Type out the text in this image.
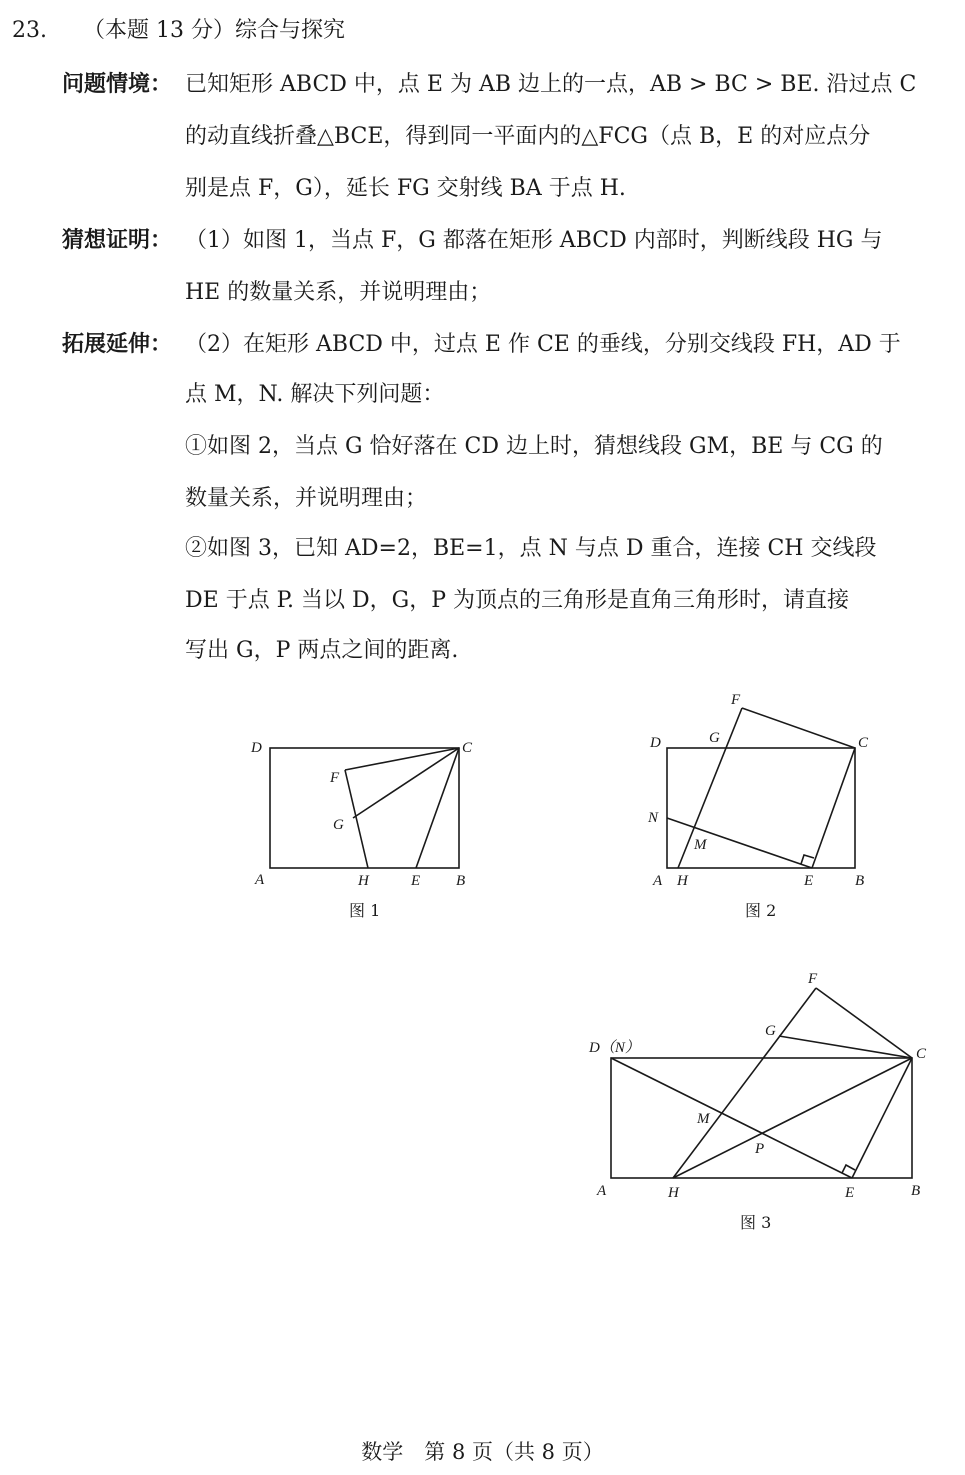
23. （本题 13 分）综合与探究
问题情境： 已知矩形 ABCD 中，点 E 为 AB 边上的一点，AB > BC > BE. 沿过点 C
的动直线折叠△BCE，得到同一平面内的△FCG（点 B，E 的对应点分
别是点 F，G），延长 FG 交射线 BA 于点 H.
猜想证明： （1）如图 1，当点 F，G 都落在矩形 ABCD 内部时，判断线段 HG 与
HE 的数量关系，并说明理由；
拓展延伸： （2）在矩形 ABCD 中，过点 E 作 CE 的垂线，分别交线段 FH，AD 于
点 M，N. 解决下列问题：
①如图 2，当点 G 恰好落在 CD 边上时，猜想线段 GM，BE 与 CG 的
数量关系，并说明理由；
②如图 3，已知 AD=2，BE=1，点 N 与点 D 重合，连接 CH 交线段
DE 于点 P. 当以 D，G，P 为顶点的三角形是直角三角形时，请直接
写出 G，P 两点之间的距离.
D	C
F
G
A	H	E B
图 1
F
D	G	C
N
M
A H	E	B
图 2
F
G
D（N）	C
M
P
A	H	E	B
图 3
数学　第 8 页（共 8 页）
